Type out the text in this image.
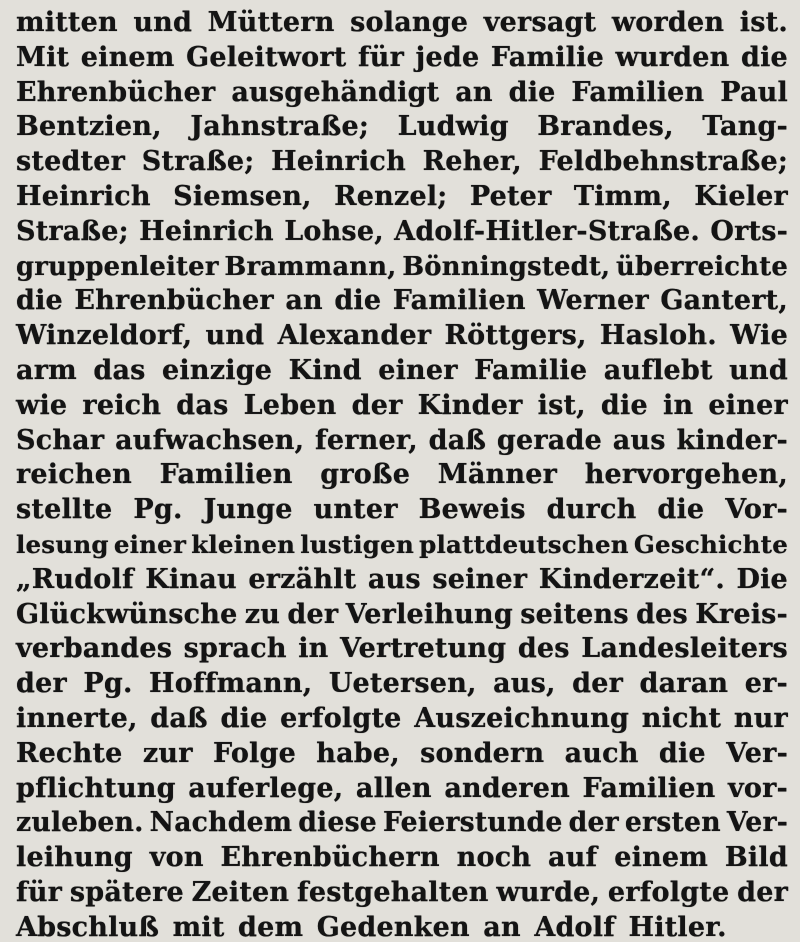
mitten und Müttern solange versagt worden ist.
Mit einem Geleitwort für jede Familie wurden die
Ehrenbücher ausgehändigt an die Familien Paul
Bentzien, Jahnstraße; Ludwig Brandes, Tang-
stedter Straße; Heinrich Reher, Feldbehnstraße;
Heinrich Siemsen, Renzel; Peter Timm, Kieler
Straße; Heinrich Lohse, Adolf-Hitler-Straße. Orts-
gruppenleiter Brammann, Bönningstedt, überreichte
die Ehrenbücher an die Familien Werner Gantert,
Winzeldorf, und Alexander Röttgers, Hasloh. Wie
arm das einzige Kind einer Familie auflebt und
wie reich das Leben der Kinder ist, die in einer
Schar aufwachsen, ferner, daß gerade aus kinder-
reichen Familien große Männer hervorgehen,
stellte Pg. Junge unter Beweis durch die Vor-
lesung einer kleinen lustigen plattdeutschen Geschichte
„Rudolf Kinau erzählt aus seiner Kinderzeit“. Die
Glückwünsche zu der Verleihung seitens des Kreis-
verbandes sprach in Vertretung des Landesleiters
der Pg. Hoffmann, Uetersen, aus, der daran er-
innerte, daß die erfolgte Auszeichnung nicht nur
Rechte zur Folge habe, sondern auch die Ver-
pflichtung auferlege, allen anderen Familien vor-
zuleben. Nachdem diese Feierstunde der ersten Ver-
leihung von Ehrenbüchern noch auf einem Bild
für spätere Zeiten festgehalten wurde, erfolgte der
Abschluß mit dem Gedenken an Adolf Hitler.
